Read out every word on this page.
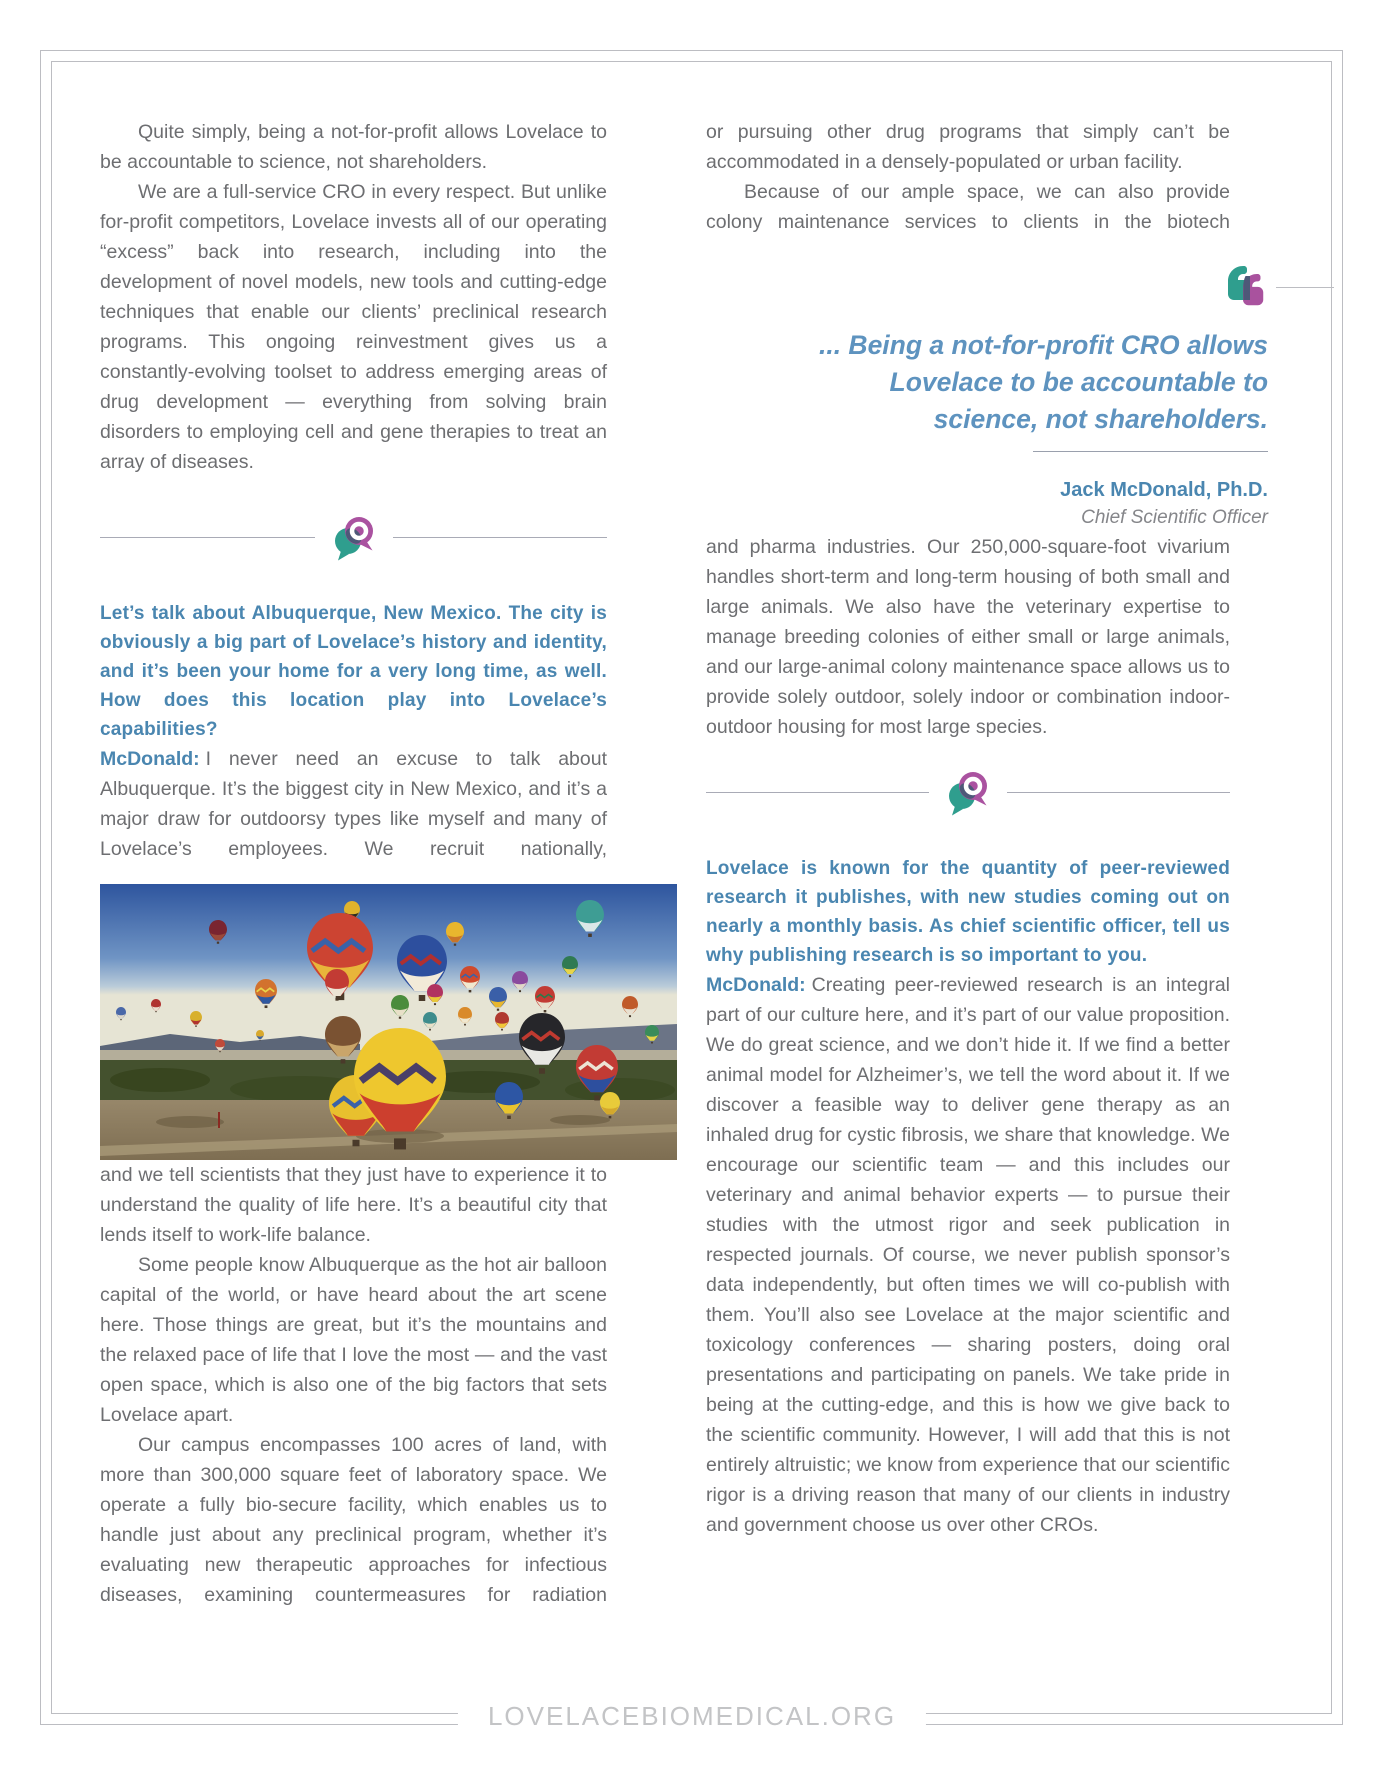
Quite simply, being a not-for-profit allows Lovelace to be accountable to science, not shareholders.

We are a full-service CRO in every respect. But unlike for-profit competitors, Lovelace invests all of our operating “excess” back into research, including into the development of novel models, new tools and cutting-edge techniques that enable our clients’ preclinical research programs. This ongoing reinvestment gives us a constantly-evolving toolset to address emerging areas of drug development — everything from solving brain disorders to employing cell and gene therapies to treat an array of diseases.

Let’s talk about Albuquerque, New Mexico. The city is obviously a big part of Lovelace’s history and identity, and it’s been your home for a very long time, as well. How does this location play into Lovelace’s capabilities?

McDonald: I never need an excuse to talk about Albuquerque. It’s the biggest city in New Mexico, and it’s a major draw for outdoorsy types like myself and many of Lovelace’s employees. We recruit nationally,

and we tell scientists that they just have to experience it to understand the quality of life here. It’s a beautiful city that lends itself to work-life balance.

Some people know Albuquerque as the hot air balloon capital of the world, or have heard about the art scene here. Those things are great, but it’s the mountains and the relaxed pace of life that I love the most — and the vast open space, which is also one of the big factors that sets Lovelace apart.

Our campus encompasses 100 acres of land, with more than 300,000 square feet of laboratory space. We operate a fully bio-secure facility, which enables us to handle just about any preclinical program, whether it’s evaluating new therapeutic approaches for infectious diseases, examining countermeasures for radiation

or pursuing other drug programs that simply can’t be accommodated in a densely-populated or urban facility.

Because of our ample space, we can also provide colony maintenance services to clients in the biotech

... Being a not-for-profit CRO allows
Lovelace to be accountable to
science, not shareholders.
Jack McDonald, Ph.D.
Chief Scientific Officer

and pharma industries. Our 250,000-square-foot vivarium handles short-term and long-term housing of both small and large animals. We also have the veterinary expertise to manage breeding colonies of either small or large animals, and our large-animal colony maintenance space allows us to provide solely outdoor, solely indoor or combination indoor-outdoor housing for most large species.

Lovelace is known for the quantity of peer-reviewed research it publishes, with new studies coming out on nearly a monthly basis. As chief scientific officer, tell us why publishing research is so important to you.

McDonald: Creating peer-reviewed research is an integral part of our culture here, and it’s part of our value proposition. We do great science, and we don’t hide it. If we find a better animal model for Alzheimer’s, we tell the word about it. If we discover a feasible way to deliver gene therapy as an inhaled drug for cystic fibrosis, we share that knowledge. We encourage our scientific team — and this includes our veterinary and animal behavior experts — to pursue their studies with the utmost rigor and seek publication in respected journals. Of course, we never publish sponsor’s data independently, but often times we will co-publish with them. You’ll also see Lovelace at the major scientific and toxicology conferences — sharing posters, doing oral presentations and participating on panels. We take pride in being at the cutting-edge, and this is how we give back to the scientific community. However, I will add that this is not entirely altruistic; we know from experience that our scientific rigor is a driving reason that many of our clients in industry and government choose us over other CROs.

LOVELACEBIOMEDICAL.ORG
